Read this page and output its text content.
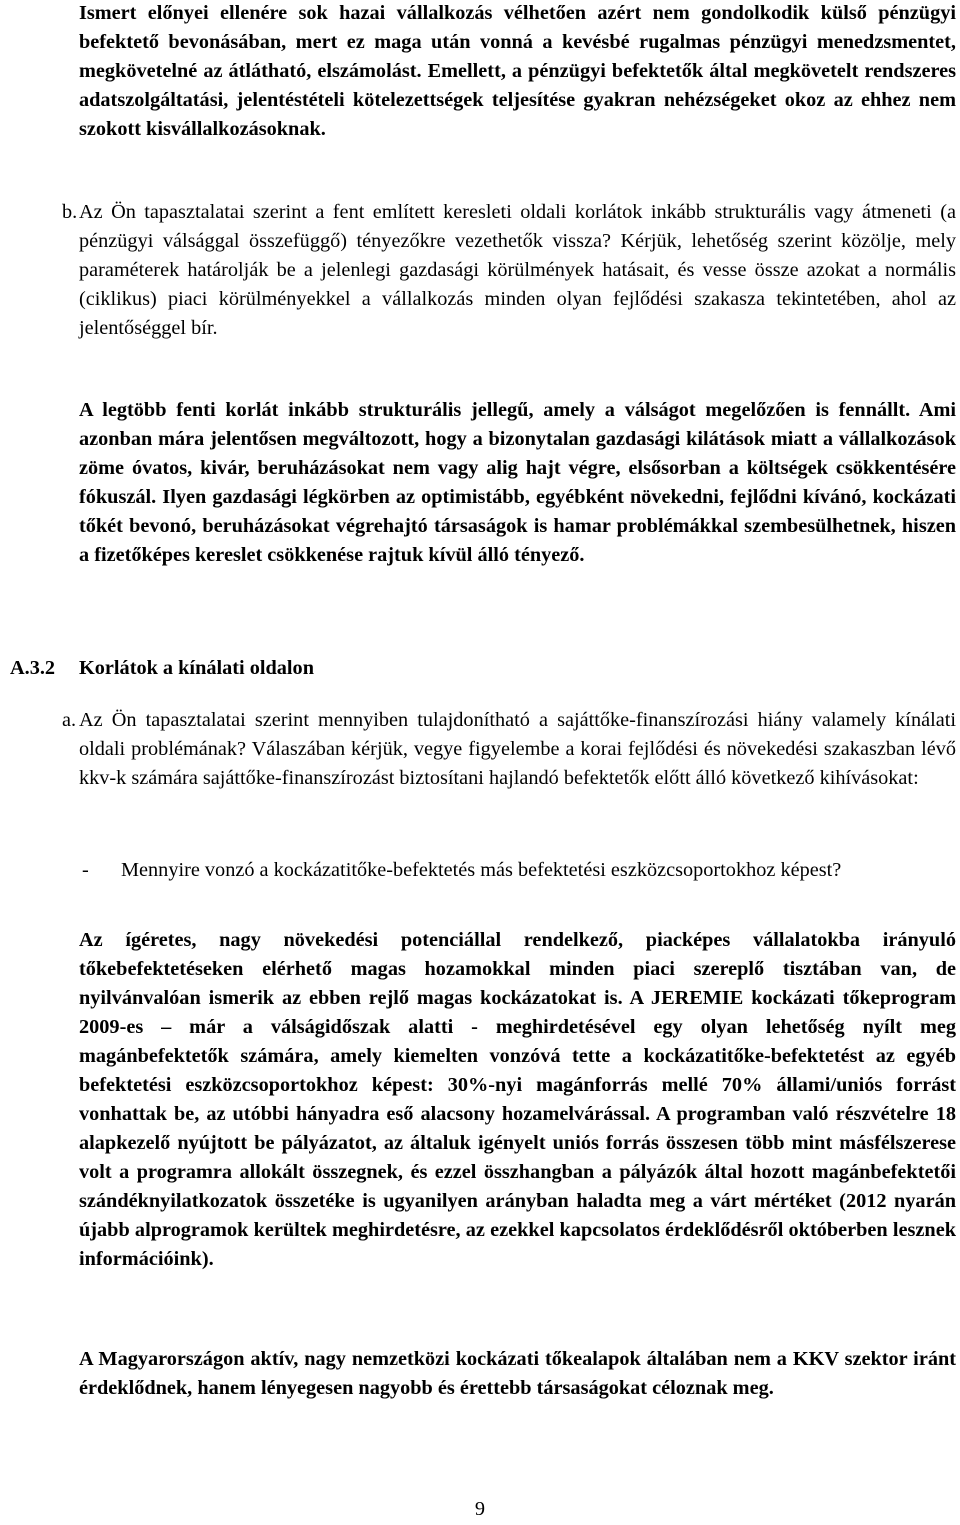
Ismert előnyei ellenére sok hazai vállalkozás vélhetően azért nem gondolkodik külső pénzügyi befektető bevonásában, mert ez maga után vonná a kevésbé rugalmas pénzügyi menedzsmentet, megkövetelné az átlátható, elszámolást. Emellett, a pénzügyi befektetők által megkövetelt rendszeres adatszolgáltatási, jelentéstételi kötelezettségek teljesítése gyakran nehézségeket okoz az ehhez nem szokott kisvállalkozásoknak.

b. Az Ön tapasztalatai szerint a fent említett keresleti oldali korlátok inkább strukturális vagy átmeneti (a pénzügyi válsággal összefüggő) tényezőkre vezethetők vissza? Kérjük, lehetőség szerint közölje, mely paraméterek határolják be a jelenlegi gazdasági körülmények hatásait, és vesse össze azokat a normális (ciklikus) piaci körülményekkel a vállalkozás minden olyan fejlődési szakasza tekintetében, ahol az jelentőséggel bír.

A legtöbb fenti korlát inkább strukturális jellegű, amely a válságot megelőzően is fennállt. Ami azonban mára jelentősen megváltozott, hogy a bizonytalan gazdasági kilátások miatt a vállalkozások zöme óvatos, kivár, beruházásokat nem vagy alig hajt végre, elsősorban a költségek csökkentésére fókuszál. Ilyen gazdasági légkörben az optimistább, egyébként növekedni, fejlődni kívánó, kockázati tőkét bevonó, beruházásokat végrehajtó társaságok is hamar problémákkal szembesülhetnek, hiszen a fizetőképes kereslet csökkenése rajtuk kívül álló tényező.

A.3.2 Korlátok a kínálati oldalon
a. Az Ön tapasztalatai szerint mennyiben tulajdonítható a sajáttőke-finanszírozási hiány valamely kínálati oldali problémának? Válaszában kérjük, vegye figyelembe a korai fejlődési és növekedési szakaszban lévő kkv-k számára sajáttőke-finanszírozást biztosítani hajlandó befektetők előtt álló következő kihívásokat:

- Mennyire vonzó a kockázatitőke-befektetés más befektetési eszközcsoportokhoz képest?

Az ígéretes, nagy növekedési potenciállal rendelkező, piacképes vállalatokba irányuló tőkebefektetéseken elérhető magas hozamokkal minden piaci szereplő tisztában van, de nyilvánvalóan ismerik az ebben rejlő magas kockázatokat is. A JEREMIE kockázati tőkeprogram 2009-es – már a válságidőszak alatti - meghirdetésével egy olyan lehetőség nyílt meg magánbefektetők számára, amely kiemelten vonzóvá tette a kockázatitőke-befektetést az egyéb befektetési eszközcsoportokhoz képest: 30%-nyi magánforrás mellé 70% állami/uniós forrást vonhattak be, az utóbbi hányadra eső alacsony hozamelvárással. A programban való részvételre 18 alapkezelő nyújtott be pályázatot, az általuk igényelt uniós forrás összesen több mint másfélszerese volt a programra allokált összegnek, és ezzel összhangban a pályázók által hozott magánbefektetői szándéknyilatkozatok összetéke is ugyanilyen arányban haladta meg a várt mértéket (2012 nyarán újabb alprogramok kerültek meghirdetésre, az ezekkel kapcsolatos érdeklődésről októberben lesznek információink).

A Magyarországon aktív, nagy nemzetközi kockázati tőkealapok általában nem a KKV szektor iránt érdeklődnek, hanem lényegesen nagyobb és érettebb társaságokat céloznak meg.

9
